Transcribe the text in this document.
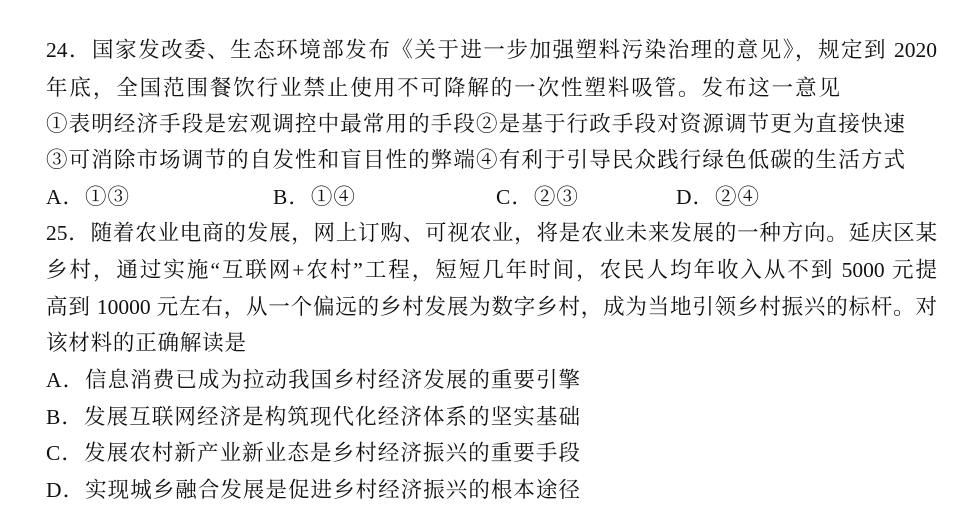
24．国家发改委、生态环境部发布《关于进一步加强塑料污染治理的意见》，规定到 2020
年底，全国范围餐饮行业禁止使用不可降解的一次性塑料吸管。发布这一意见
①表明经济手段是宏观调控中最常用的手段②是基于行政手段对资源调节更为直接快速
③可消除市场调节的自发性和盲目性的弊端④有利于引导民众践行绿色低碳的生活方式
A．①③	B．①④	C．②③	D．②④
25．随着农业电商的发展，网上订购、可视农业，将是农业未来发展的一种方向。延庆区某
乡村，通过实施“互联网+农村”工程，短短几年时间，农民人均年收入从不到 5000 元提
高到 10000 元左右，从一个偏远的乡村发展为数字乡村，成为当地引领乡村振兴的标杆。对
该材料的正确解读是
A．信息消费已成为拉动我国乡村经济发展的重要引擎
B．发展互联网经济是构筑现代化经济体系的坚实基础
C．发展农村新产业新业态是乡村经济振兴的重要手段
D．实现城乡融合发展是促进乡村经济振兴的根本途径
